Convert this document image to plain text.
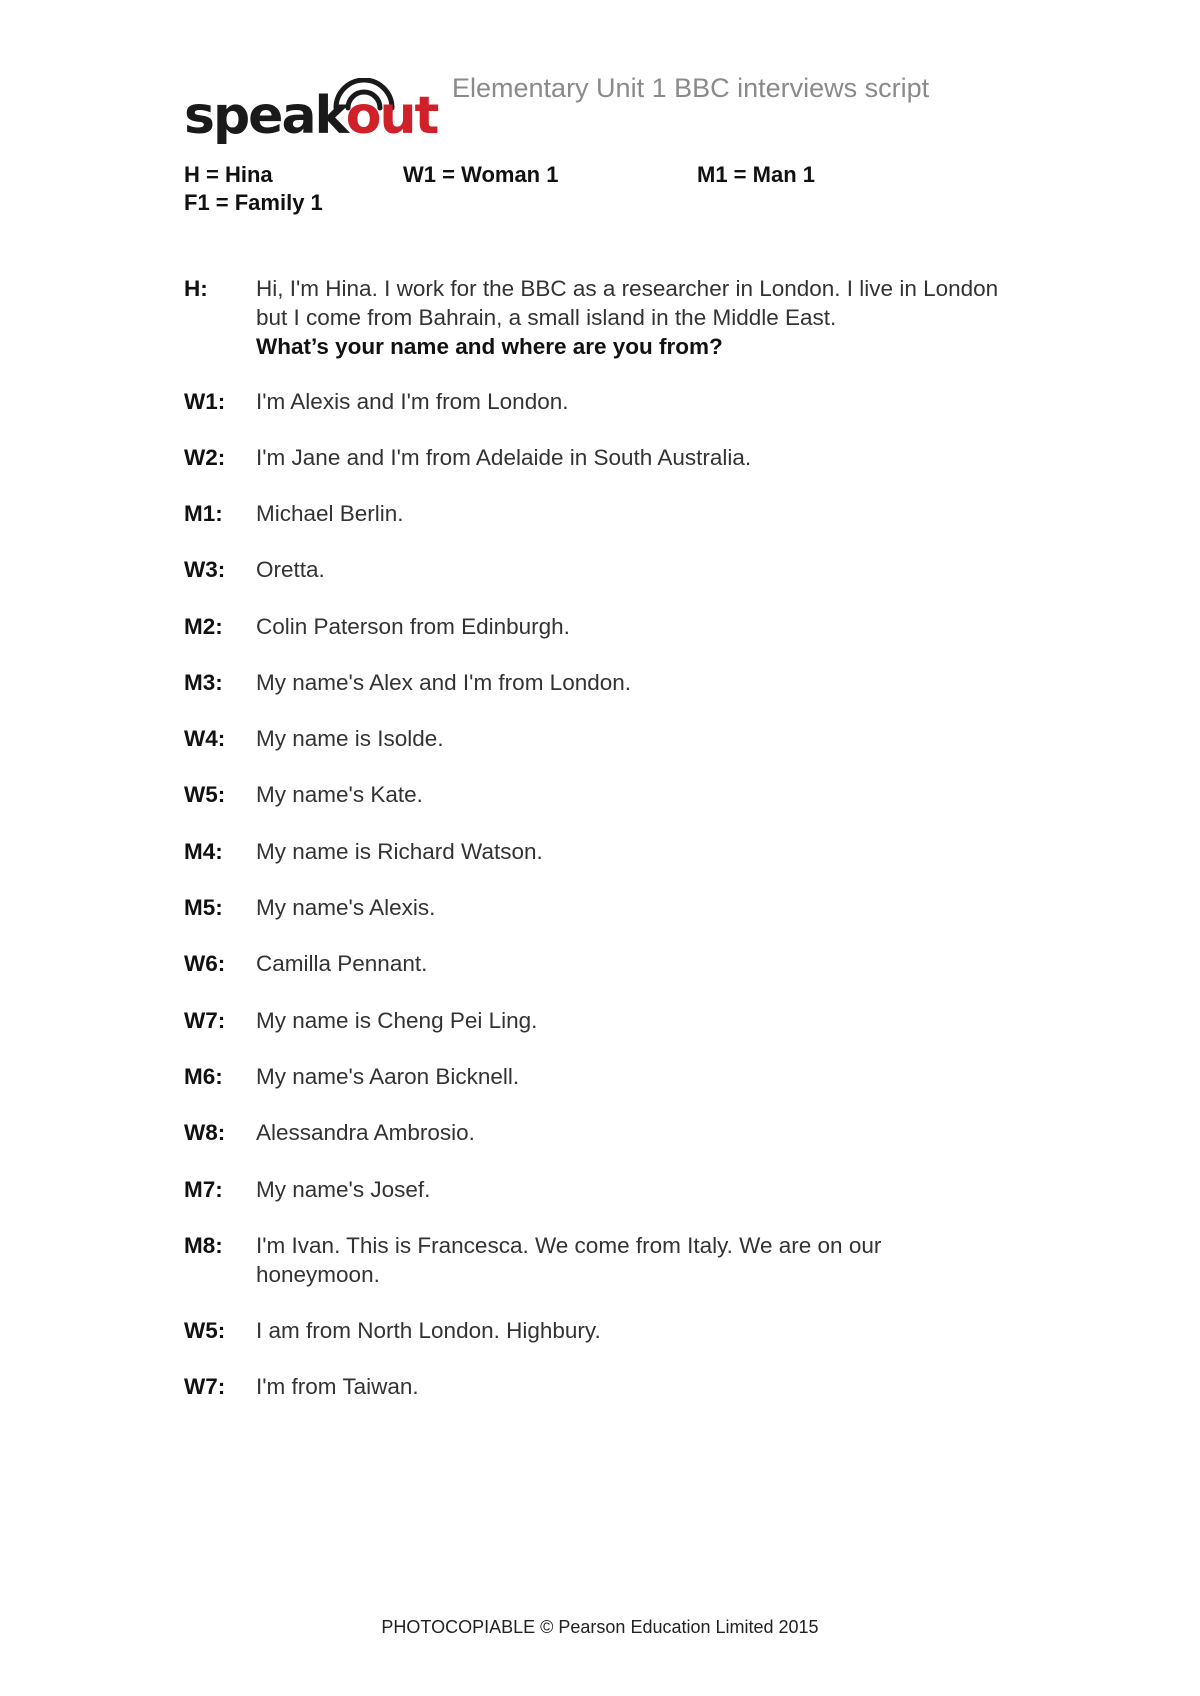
speakout Elementary Unit 1 BBC interviews script
H = Hina	W1 = Woman 1	M1 = Man 1
F1 = Family 1
H:	Hi, I'm Hina. I work for the BBC as a researcher in London. I live in London but I come from Bahrain, a small island in the Middle East.
What’s your name and where are you from?
W1:	I'm Alexis and I'm from London.
W2:	I'm Jane and I'm from Adelaide in South Australia.
M1:	Michael Berlin.
W3:	Oretta.
M2:	Colin Paterson from Edinburgh.
M3:	My name's Alex and I'm from London.
W4:	My name is Isolde.
W5:	My name's Kate.
M4:	My name is Richard Watson.
M5:	My name's Alexis.
W6:	Camilla Pennant.
W7:	My name is Cheng Pei Ling.
M6:	My name's Aaron Bicknell.
W8:	Alessandra Ambrosio.
M7:	My name's Josef.
M8:	I'm Ivan. This is Francesca. We come from Italy. We are on our honeymoon.
W5:	I am from North London. Highbury.
W7:	I'm from Taiwan.
PHOTOCOPIABLE © Pearson Education Limited 2015
